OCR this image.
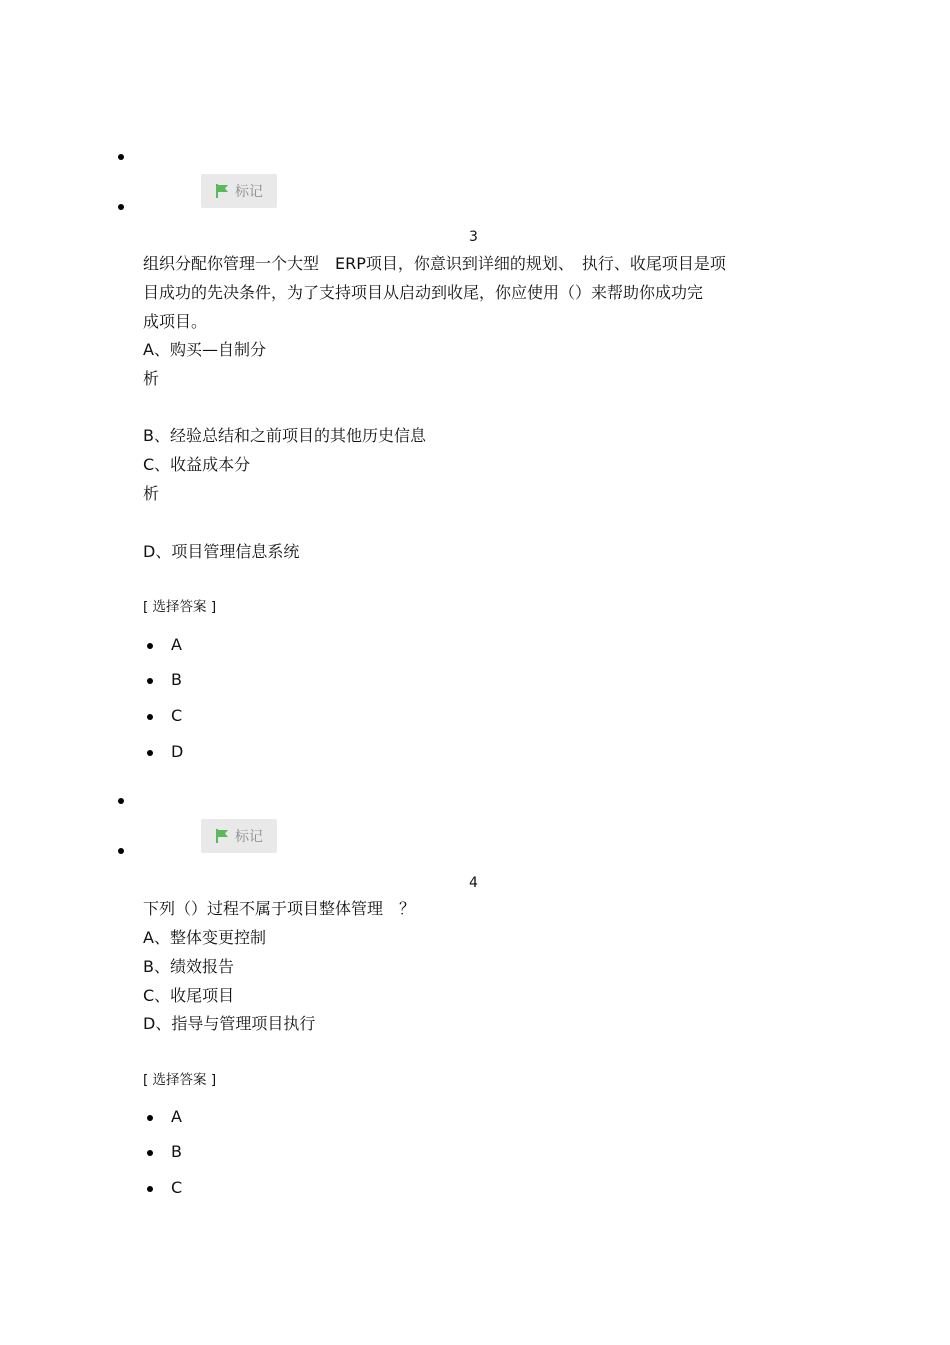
标记
3
组织分配你管理一个大型　ERP项目，你意识到详细的规划、　执行、收尾项目是项
目成功的先决条件，为了支持项目从启动到收尾，你应使用（）来帮助你成功完
成项目。
A、购买—自制分
析
B、经验总结和之前项目的其他历史信息
C、收益成本分
析
D、项目管理信息系统
[ 选择答案 ]
A
B
C
D
标记
4
下列（）过程不属于项目整体管理　？
A、整体变更控制
B、绩效报告
C、收尾项目
D、指导与管理项目执行
[ 选择答案 ]
A
B
C
